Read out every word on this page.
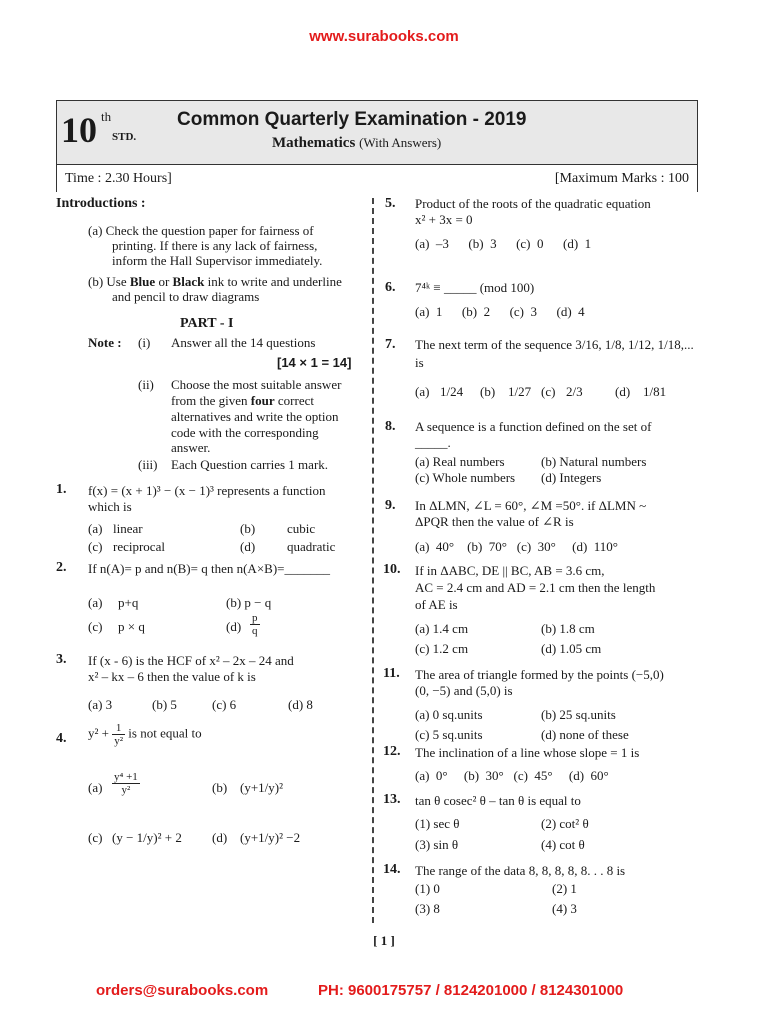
www.surabooks.com
10 th
STD.
Common Quarterly Examination - 2019
Mathematics (With Answers)
Time : 2.30 Hours]	[Maximum Marks : 100
Introductions :
(a) Check the question paper for fairness of
printing. If there is any lack of fairness,
inform the Hall Supervisor immediately.
(b) Use Blue or Black ink to write and underline
and pencil to draw diagrams
PART - I
Note : (i) Answer all the 14 questions
[14 × 1 = 14]
(ii) Choose the most suitable answer
from the given four correct
alternatives and write the option
code with the corresponding
answer.
(iii) Each Question carries 1 mark.
1. f(x) = (x + 1)³ − (x − 1)³ represents a function
which is
(a) linear	(b) cubic
(c) reciprocal	(d) quadratic
2. If n(A)= p and n(B)= q then n(A×B)=_______
(a) p+q	(b) p − q
(c) p × q	$(d) \frac{p}{q}$
3. If (x - 6) is the HCF of x² – 2x – 24 and
x² – kx – 6 then the value of k is
(a) 3	(b) 5	(c) 6	(d) 8
4. $y^2 + \frac{1}{\text{y²}}$ is not equal to
$(a) \frac{\text{y⁴ +1}}{\text{y²}}$	(b) (y+1/y)²
(c) (y − 1/y)² + 2 (d) (y+1/y)² −2
5. Product of the roots of the quadratic equation
x² + 3x = 0
(a)  –3      (b)  3      (c)  0      (d)  1
6. 7⁴ᵏ ≡ _____ (mod 100)
(a)  1      (b)  2      (c)  3      (d)  4
7. The next term of the sequence 3/16, 1/8, 1/12, 1/18,...
is
(a) 1/24 (b) 1/27 (c) 2/3 (d) 1/81
8. A sequence is a function defined on the set of
_____.
(a) Real numbers	(b) Natural numbers
(c) Whole numbers (d) Integers
9. In ΔLMN, ∠L = 60°, ∠M =50°. if ΔLMN ~
ΔPQR then the value of ∠R is
(a)  40°    (b)  70°   (c)  30°     (d)  110°
10. If in ΔABC, DE || BC, AB = 3.6 cm,
AC = 2.4 cm and AD = 2.1 cm then the length
of AE is
(a) 1.4 cm	(b) 1.8 cm
(c) 1.2 cm	(d) 1.05 cm
11. The area of triangle formed by the points (−5,0)
(0, −5) and (5,0) is
(a) 0 sq.units	(b) 25 sq.units
(c) 5 sq.units	(d) none of these
12. The inclination of a line whose slope = 1 is
(a)  0°     (b)  30°   (c)  45°     (d)  60°
13. tan θ cosec² θ – tan θ is equal to
(1) sec θ	(2) cot² θ
(3) sin θ	(4) cot θ
14. The range of the data 8, 8, 8, 8, 8. . . 8 is
(1) 0	(2) 1
(3) 8	(4) 3
[ 1 ]
orders@surabooks.com	PH: 9600175757 / 8124201000 / 8124301000
